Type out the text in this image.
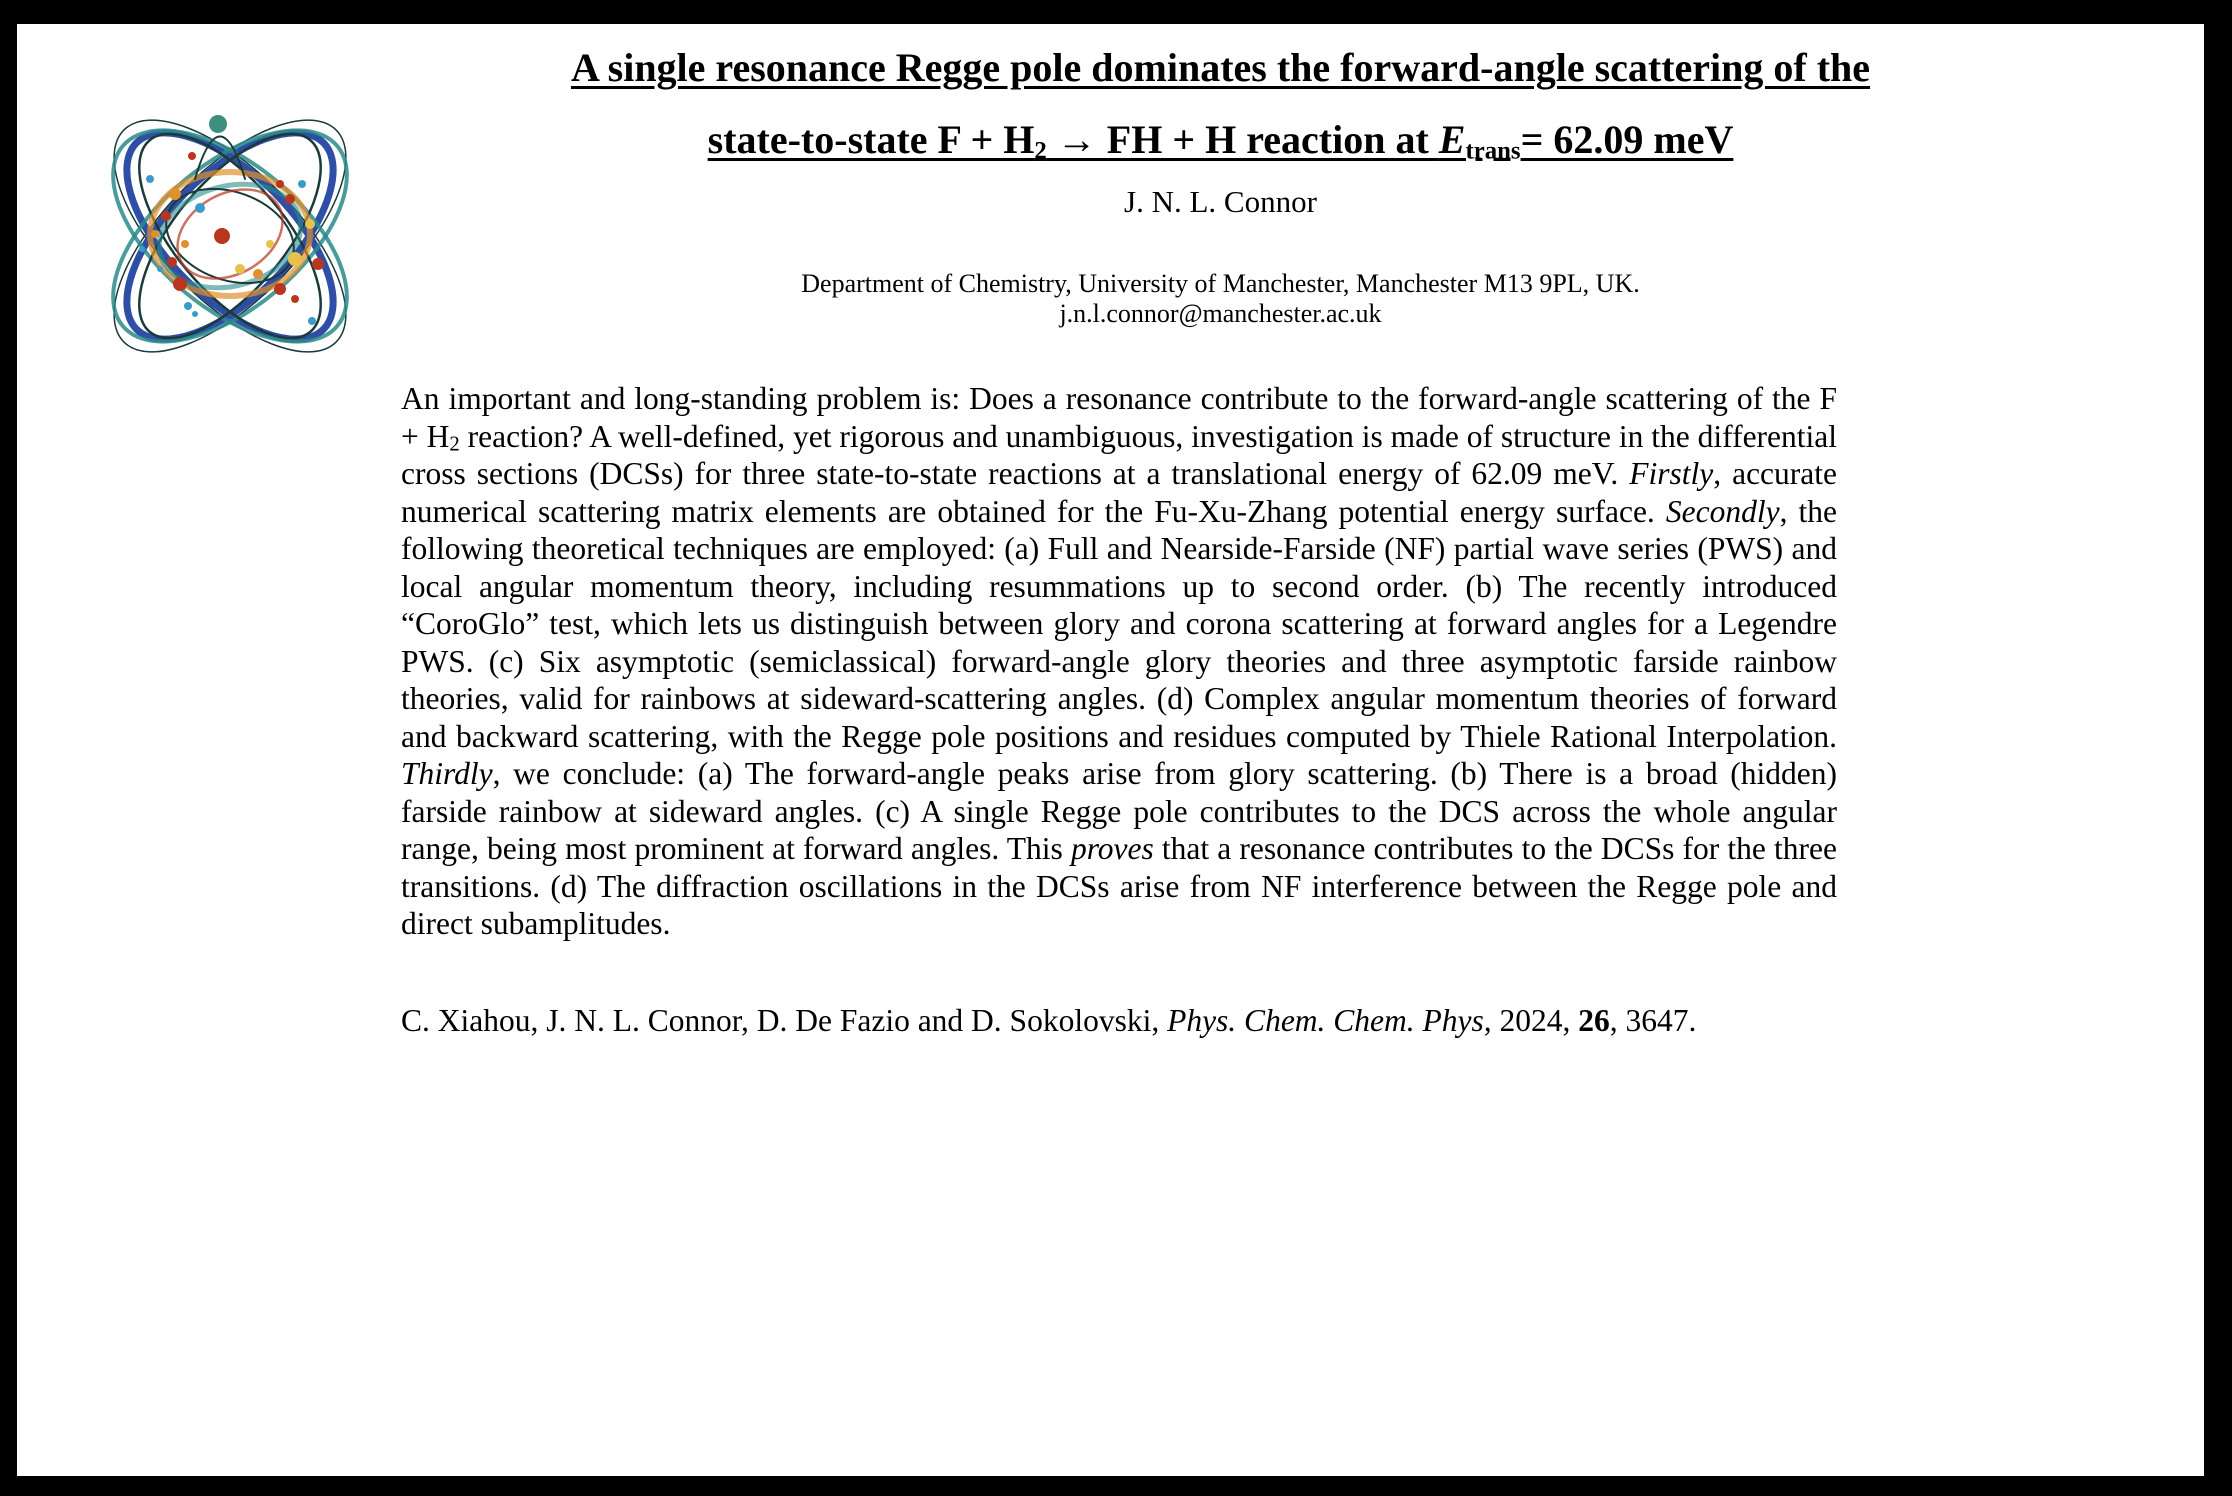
A single resonance Regge pole dominates the forward-angle scattering of the
state-to-state $F + H_2$ → FH + H reaction at $E_{trans}= 62.09$ meV
J. N. L. Connor
Department of Chemistry, University of Manchester, Manchester M13 9PL, UK.
j.n.l.connor@manchester.ac.uk

An important and long-standing problem is: Does a resonance contribute to the forward-angle scattering of the $F + H_2$ reaction? A well-defined, yet rigorous and unambiguous, investigation is made of structure in the differential cross sections (DCSs) for three state-to-state reactions at a translational energy of 62.09 meV. Firstly, accurate numerical scattering matrix elements are obtained for the Fu-Xu-Zhang potential energy surface. Secondly, the following theoretical techniques are employed: (a) Full and Nearside-Farside (NF) partial wave series (PWS) and local angular momentum theory, including resummations up to second order. (b) The recently introduced “CoroGlo” test, which lets us distinguish between glory and corona scattering at forward angles for a Legendre PWS. (c) Six asymptotic (semiclassical) forward-angle glory theories and three asymptotic farside rainbow theories, valid for rainbows at sideward-scattering angles. (d) Complex angular momentum theories of forward and backward scattering, with the Regge pole positions and residues computed by Thiele Rational Interpolation. Thirdly, we conclude: (a) The forward-angle peaks arise from glory scattering. (b) There is a broad (hidden) farside rainbow at sideward angles. (c) A single Regge pole contributes to the DCS across the whole angular range, being most prominent at forward angles. This proves that a resonance contributes to the DCSs for the three transitions. (d) The diffraction oscillations in the DCSs arise from NF interference between the Regge pole and direct subamplitudes.

C. Xiahou, J. N. L. Connor, D. De Fazio and D. Sokolovski, Phys. Chem. Chem. Phys, 2024, 26, 3647.
